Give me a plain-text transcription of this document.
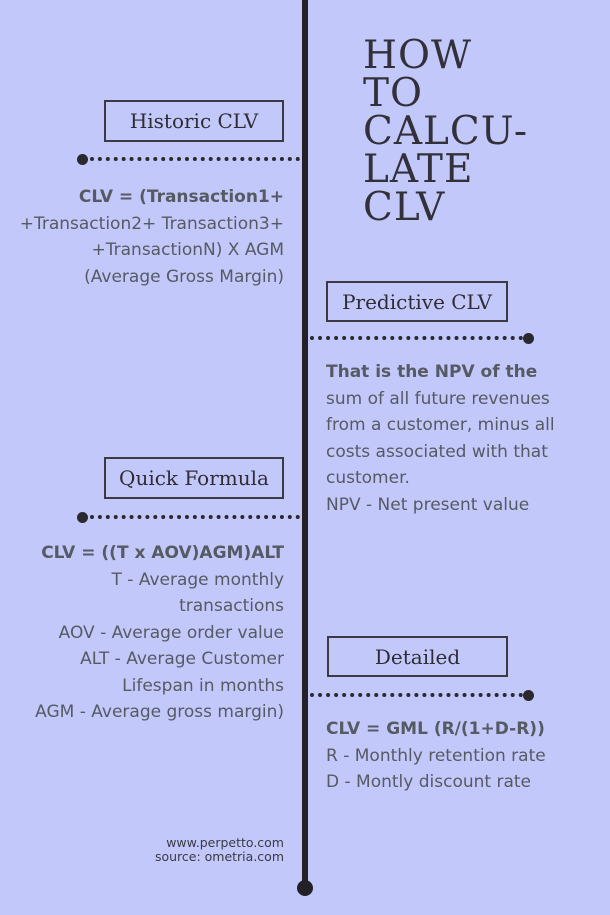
HOW
TO
CALCU-
LATE
CLV
Historic CLV
CLV = (Transaction1+
+Transaction2+ Transaction3+
+TransactionN) X AGM
(Average Gross Margin)
Predictive CLV
That is the NPV of the
sum of all future revenues
from a customer, minus all
costs associated with that
customer.
NPV - Net present value
Quick Formula
CLV = ((T x AOV)AGM)ALT
T - Average monthly
transactions
AOV - Average order value
ALT - Average Customer
Lifespan in months
AGM - Average gross margin)
Detailed
CLV = GML (R/(1+D-R))
R - Monthly retention rate
D - Montly discount rate
www.perpetto.com
source: ometria.com
